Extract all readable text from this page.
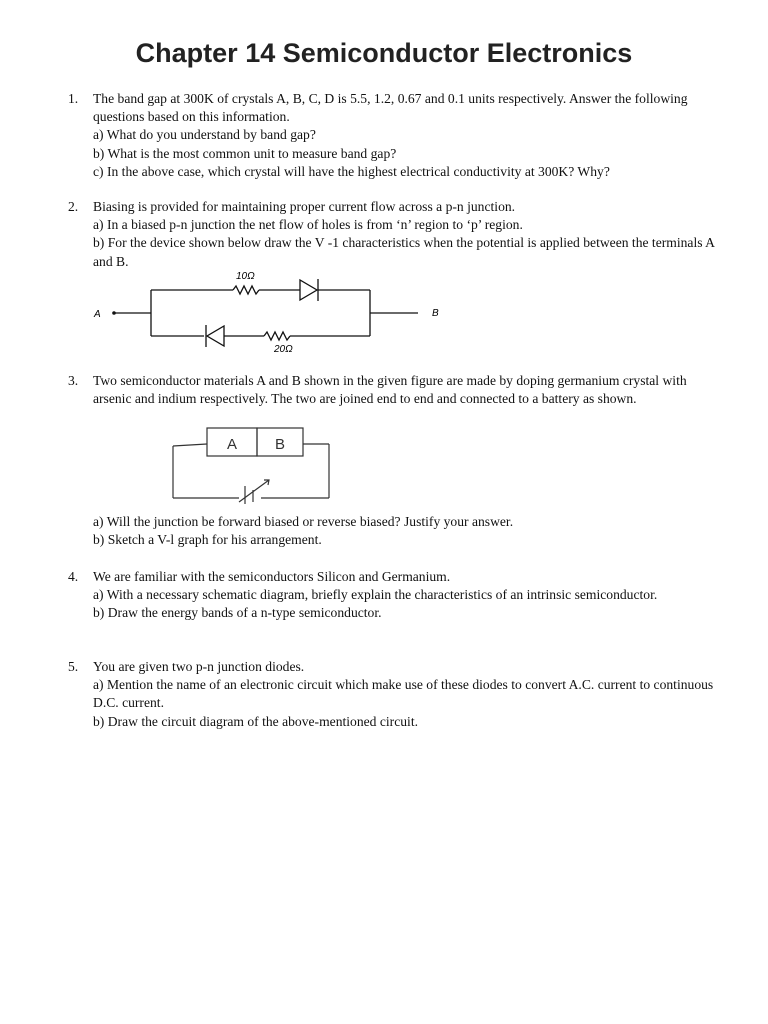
Chapter 14 Semiconductor Electronics
1. The band gap at 300K of crystals A, B, C, D is 5.5, 1.2, 0.67 and 0.1 units respectively. Answer the following questions based on this information.

a) What do you understand by band gap?

b) What is the most common unit to measure band gap?

c) In the above case, which crystal will have the highest electrical conductivity at 300K? Why?

2. Biasing is provided for maintaining proper current flow across a p-n junction.

a) In a biased p-n junction the net flow of holes is from ‘n’ region to ‘p’ region.

b) For the device shown below draw the V -1 characteristics when the potential is applied between the terminals A and B.

A	B
10Ω
20Ω
3. Two semiconductor materials A and B shown in the given figure are made by doping germanium crystal with arsenic and indium respectively. The two are joined end to end and connected to a battery as shown.

A	B

a) Will the junction be forward biased or reverse biased? Justify your answer.

b) Sketch a V-l graph for his arrangement.

4. We are familiar with the semiconductors Silicon and Germanium.

a) With a necessary schematic diagram, briefly explain the characteristics of an intrinsic semiconductor.

b) Draw the energy bands of a n-type semiconductor.

5. You are given two p-n junction diodes.

a) Mention the name of an electronic circuit which make use of these diodes to convert A.C. current to continuous D.C. current.

b) Draw the circuit diagram of the above-mentioned circuit.
